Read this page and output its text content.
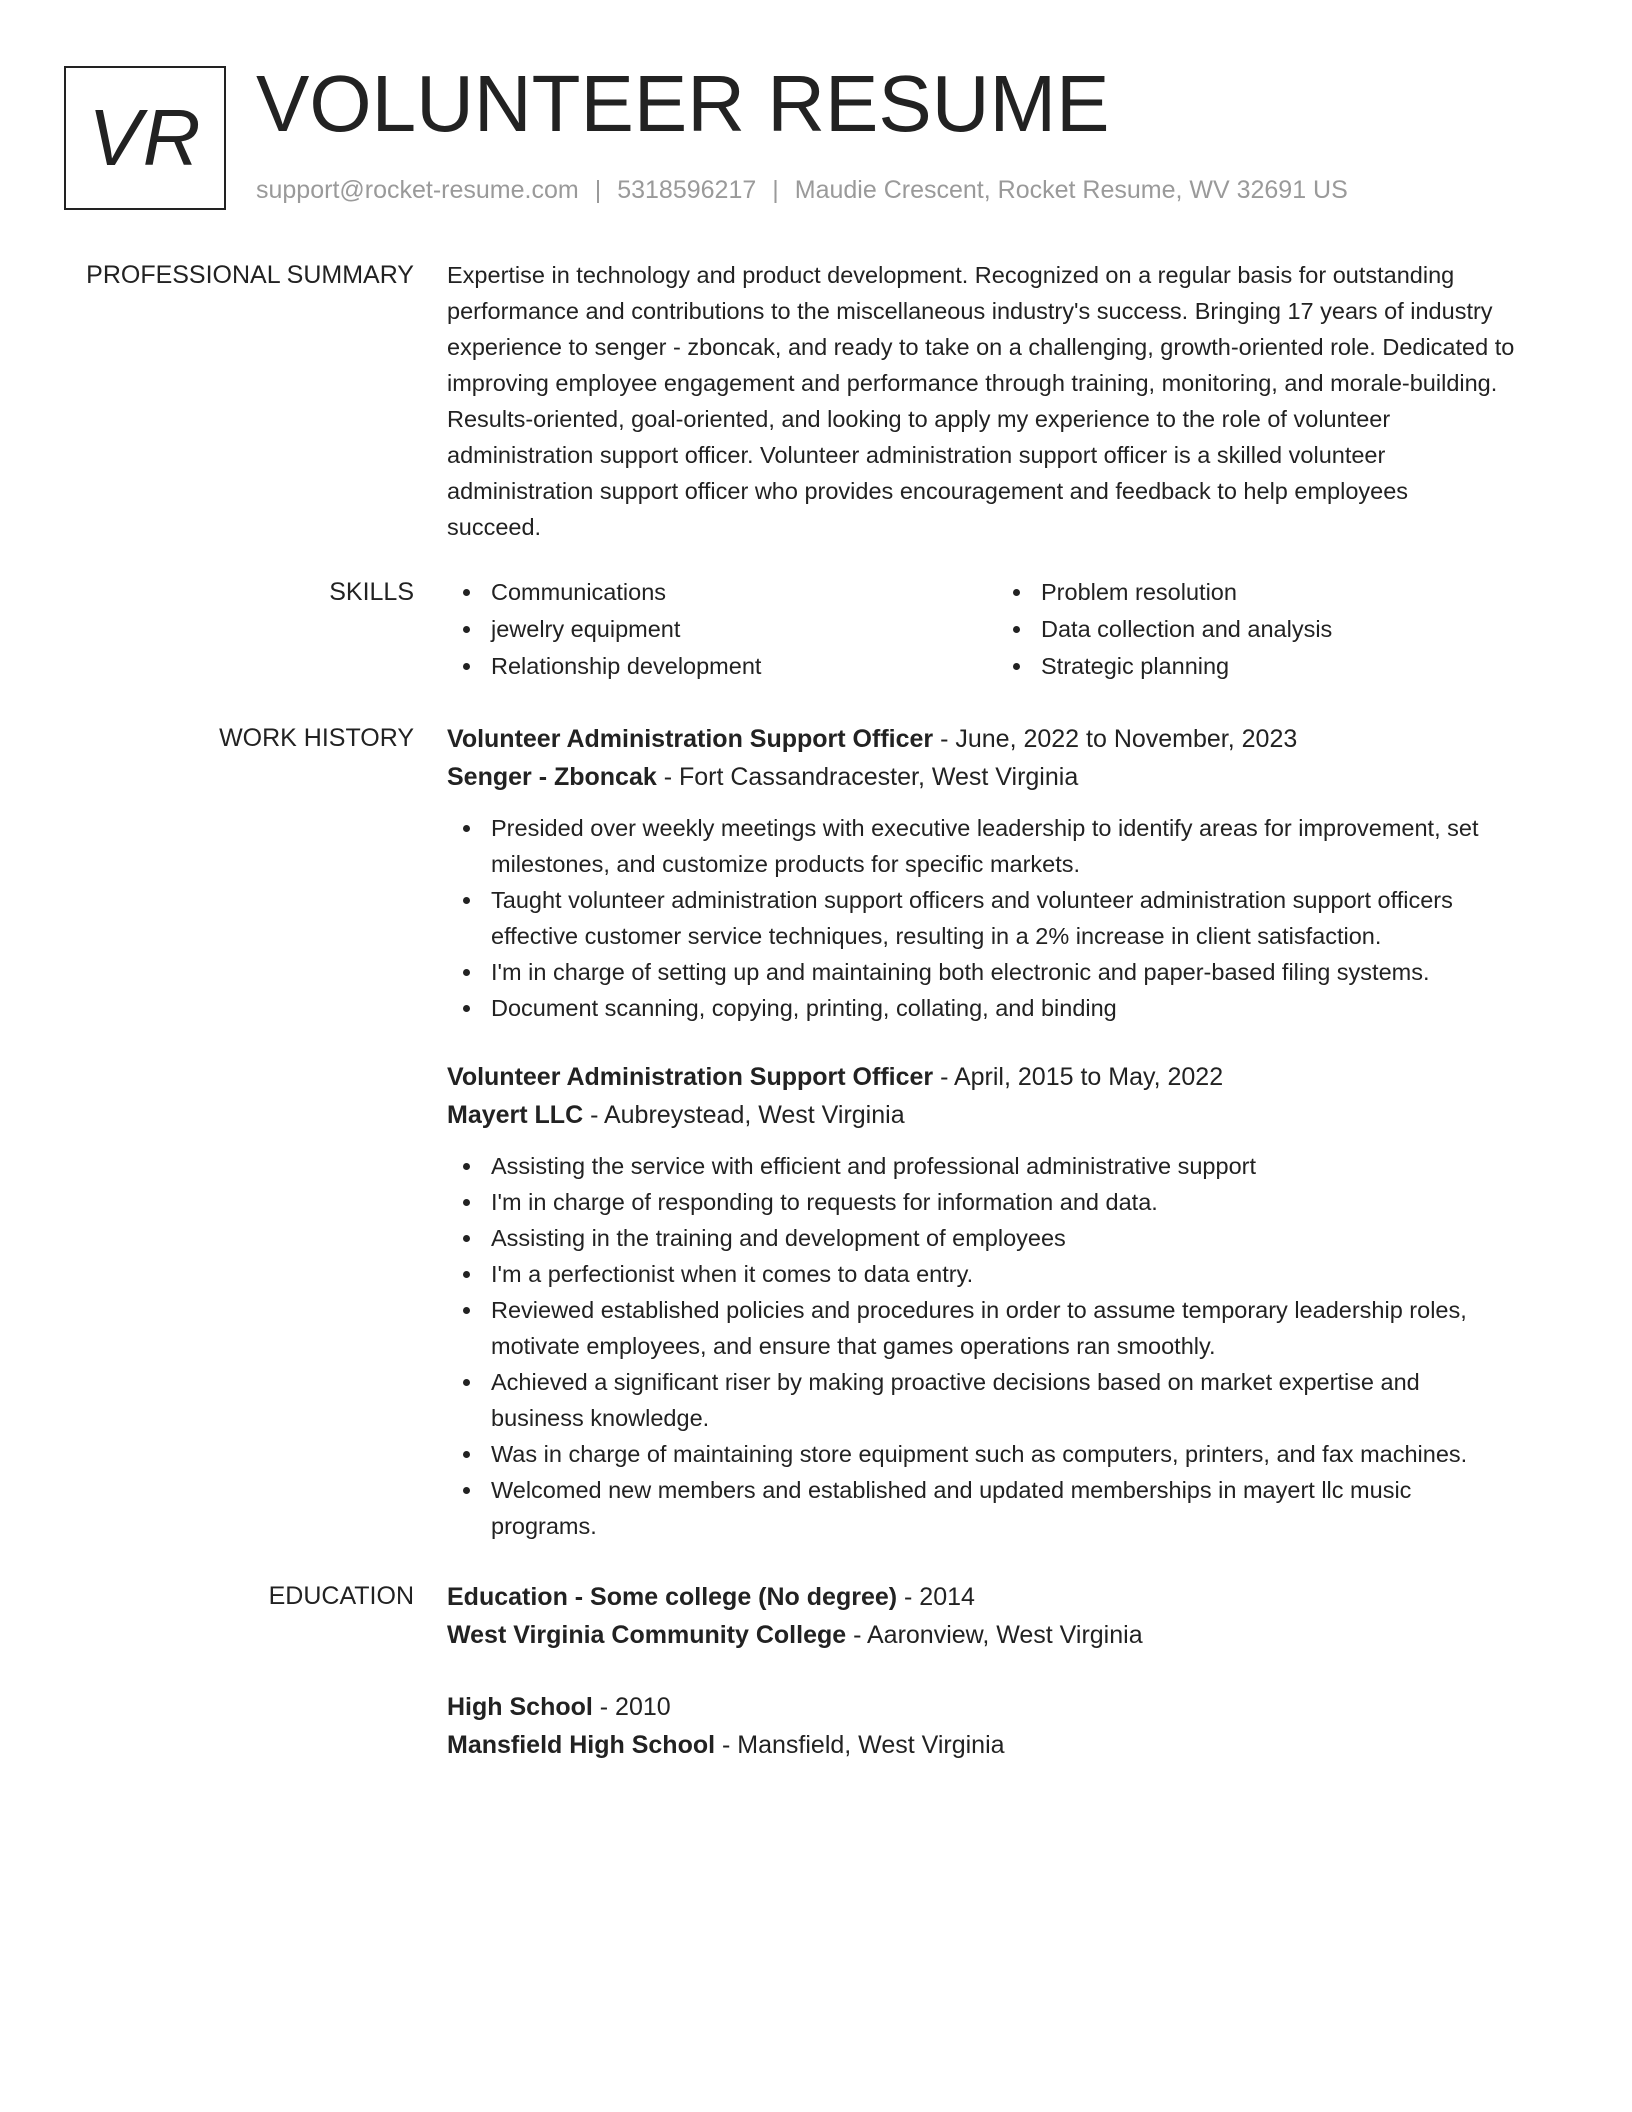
VR VOLUNTEER RESUME
support@rocket-resume.com | 5318596217 | Maudie Crescent, Rocket Resume, WV 32691 US
PROFESSIONAL SUMMARY Expertise in technology and product development. Recognized on a regular basis for outstanding

performance and contributions to the miscellaneous industry's success. Bringing 17 years of industry

experience to senger - zboncak, and ready to take on a challenging, growth-oriented role. Dedicated to

improving employee engagement and performance through training, monitoring, and morale-building.

Results-oriented, goal-oriented, and looking to apply my experience to the role of volunteer

administration support officer. Volunteer administration support officer is a skilled volunteer

administration support officer who provides encouragement and feedback to help employees

succeed.

SKILLS	Communications
jewelry equipment
Relationship development
Problem resolution
Data collection and analysis
Strategic planning
WORK HISTORY Volunteer Administration Support Officer - June, 2022 to November, 2023
Senger - Zboncak - Fort Cassandracester, West Virginia
Presided over weekly meetings with executive leadership to identify areas for improvement, set
milestones, and customize products for specific markets.
Taught volunteer administration support officers and volunteer administration support officers
effective customer service techniques, resulting in a 2% increase in client satisfaction.
I'm in charge of setting up and maintaining both electronic and paper-based filing systems.
Document scanning, copying, printing, collating, and binding
Volunteer Administration Support Officer - April, 2015 to May, 2022
Mayert LLC - Aubreystead, West Virginia
Assisting the service with efficient and professional administrative support
I'm in charge of responding to requests for information and data.
Assisting in the training and development of employees
I'm a perfectionist when it comes to data entry.
Reviewed established policies and procedures in order to assume temporary leadership roles,
motivate employees, and ensure that games operations ran smoothly.
Achieved a significant riser by making proactive decisions based on market expertise and
business knowledge.
Was in charge of maintaining store equipment such as computers, printers, and fax machines.
Welcomed new members and established and updated memberships in mayert llc music
programs.
EDUCATION Education - Some college (No degree) - 2014
West Virginia Community College - Aaronview, West Virginia
High School - 2010
Mansfield High School - Mansfield, West Virginia
